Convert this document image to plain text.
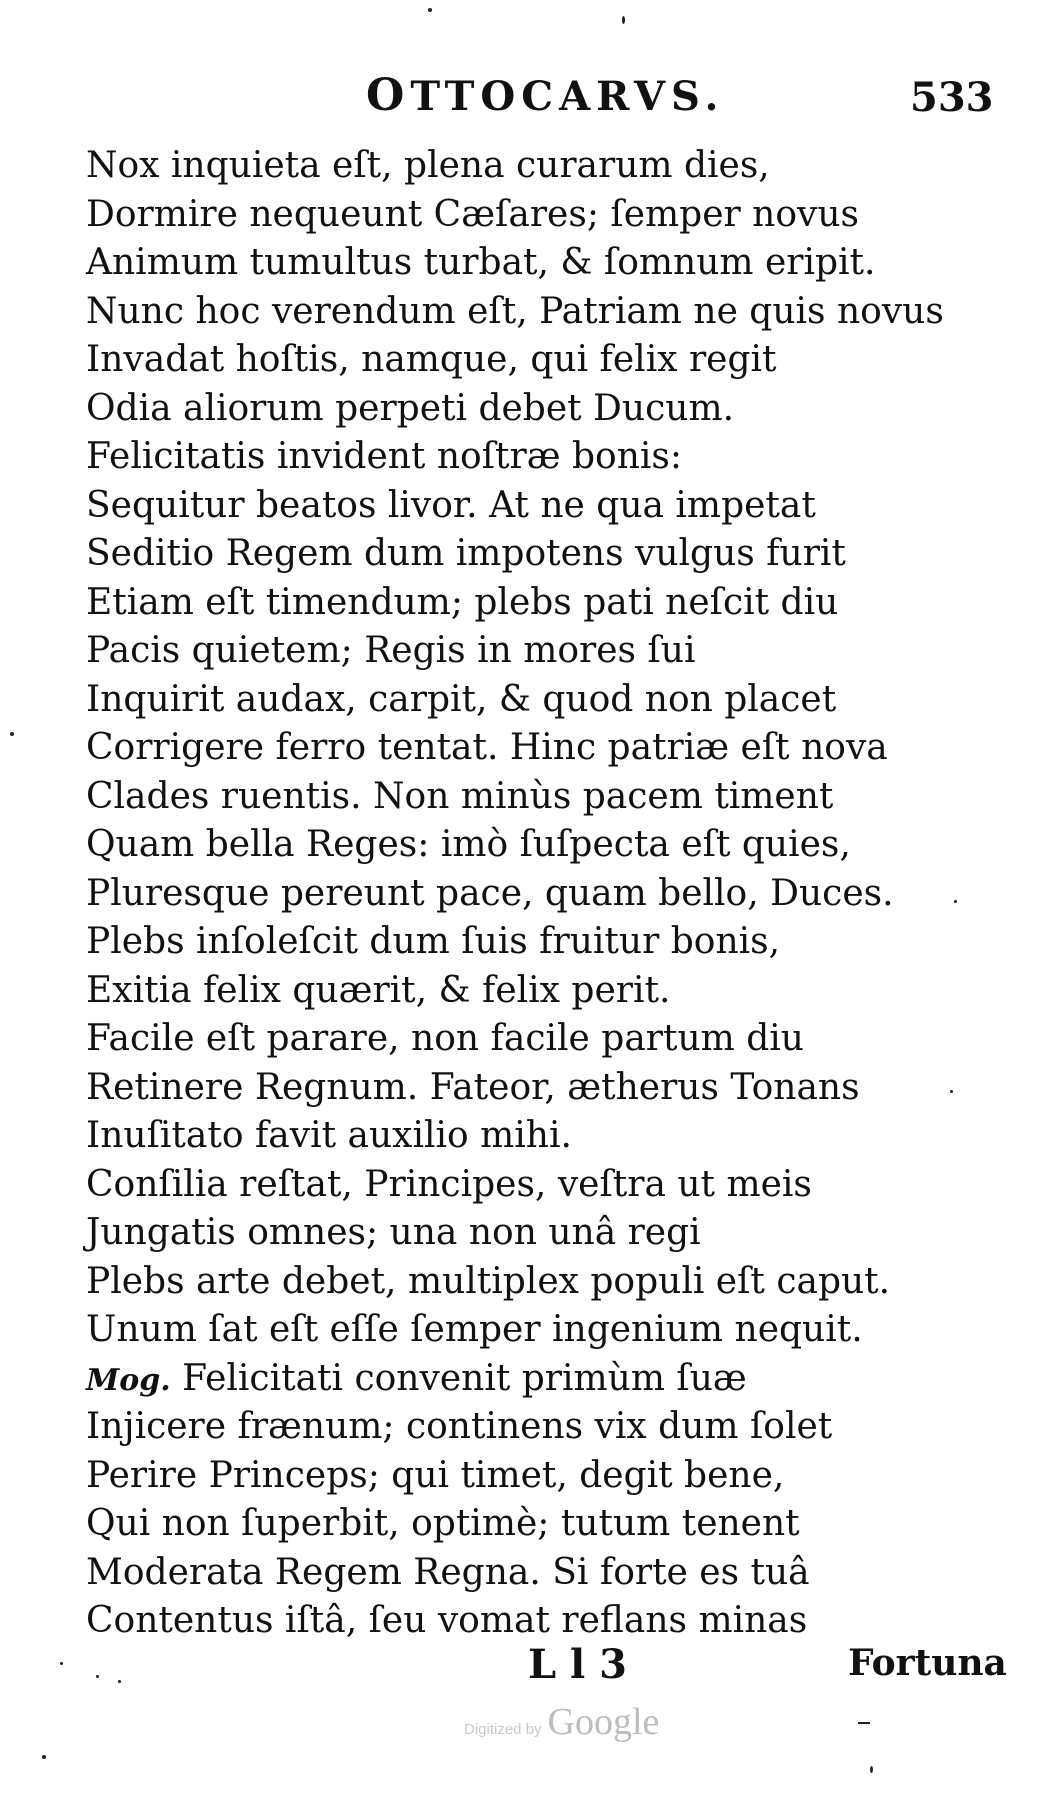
OTTOCARVS.	533
Nox inquieta eſt, plena curarum dies,
Dormire nequeunt Cæſares; ſemper novus
Animum tumultus turbat, & ſomnum eripit.
Nunc hoc verendum eſt, Patriam ne quis novus
Invadat hoſtis, namque, qui felix regit
Odia aliorum perpeti debet Ducum.
Felicitatis invident noſtræ bonis:
Sequitur beatos livor. At ne qua impetat
Seditio Regem dum impotens vulgus furit
Etiam eſt timendum; plebs pati neſcit diu
Pacis quietem; Regis in mores ſui
Inquirit audax, carpit, & quod non placet
Corrigere ferro tentat. Hinc patriæ eſt nova
Clades ruentis. Non minùs pacem timent
Quam bella Reges: imò ſuſpecta eſt quies,
Pluresque pereunt pace, quam bello, Duces.
Plebs inſoleſcit dum ſuis fruitur bonis,
Exitia felix quærit, & felix perit.
Facile eſt parare, non facile partum diu
Retinere Regnum. Fateor, ætherus Tonans
Inuſitato favit auxilio mihi.
Conſilia reſtat, Principes, veſtra ut meis
Jungatis omnes; una non unâ regi
Plebs arte debet, multiplex populi eſt caput.
Unum ſat eſt eſſe ſemper ingenium nequit.
Mog. Felicitati convenit primùm ſuæ
Injicere frænum; continens vix dum ſolet
Perire Princeps; qui timet, degit bene,
Qui non ſuperbit, optimè; tutum tenent
Moderata Regem Regna. Si forte es tuâ
Contentus iſtâ, ſeu vomat reflans minas
L l 3	Fortuna
Digitized by Google
